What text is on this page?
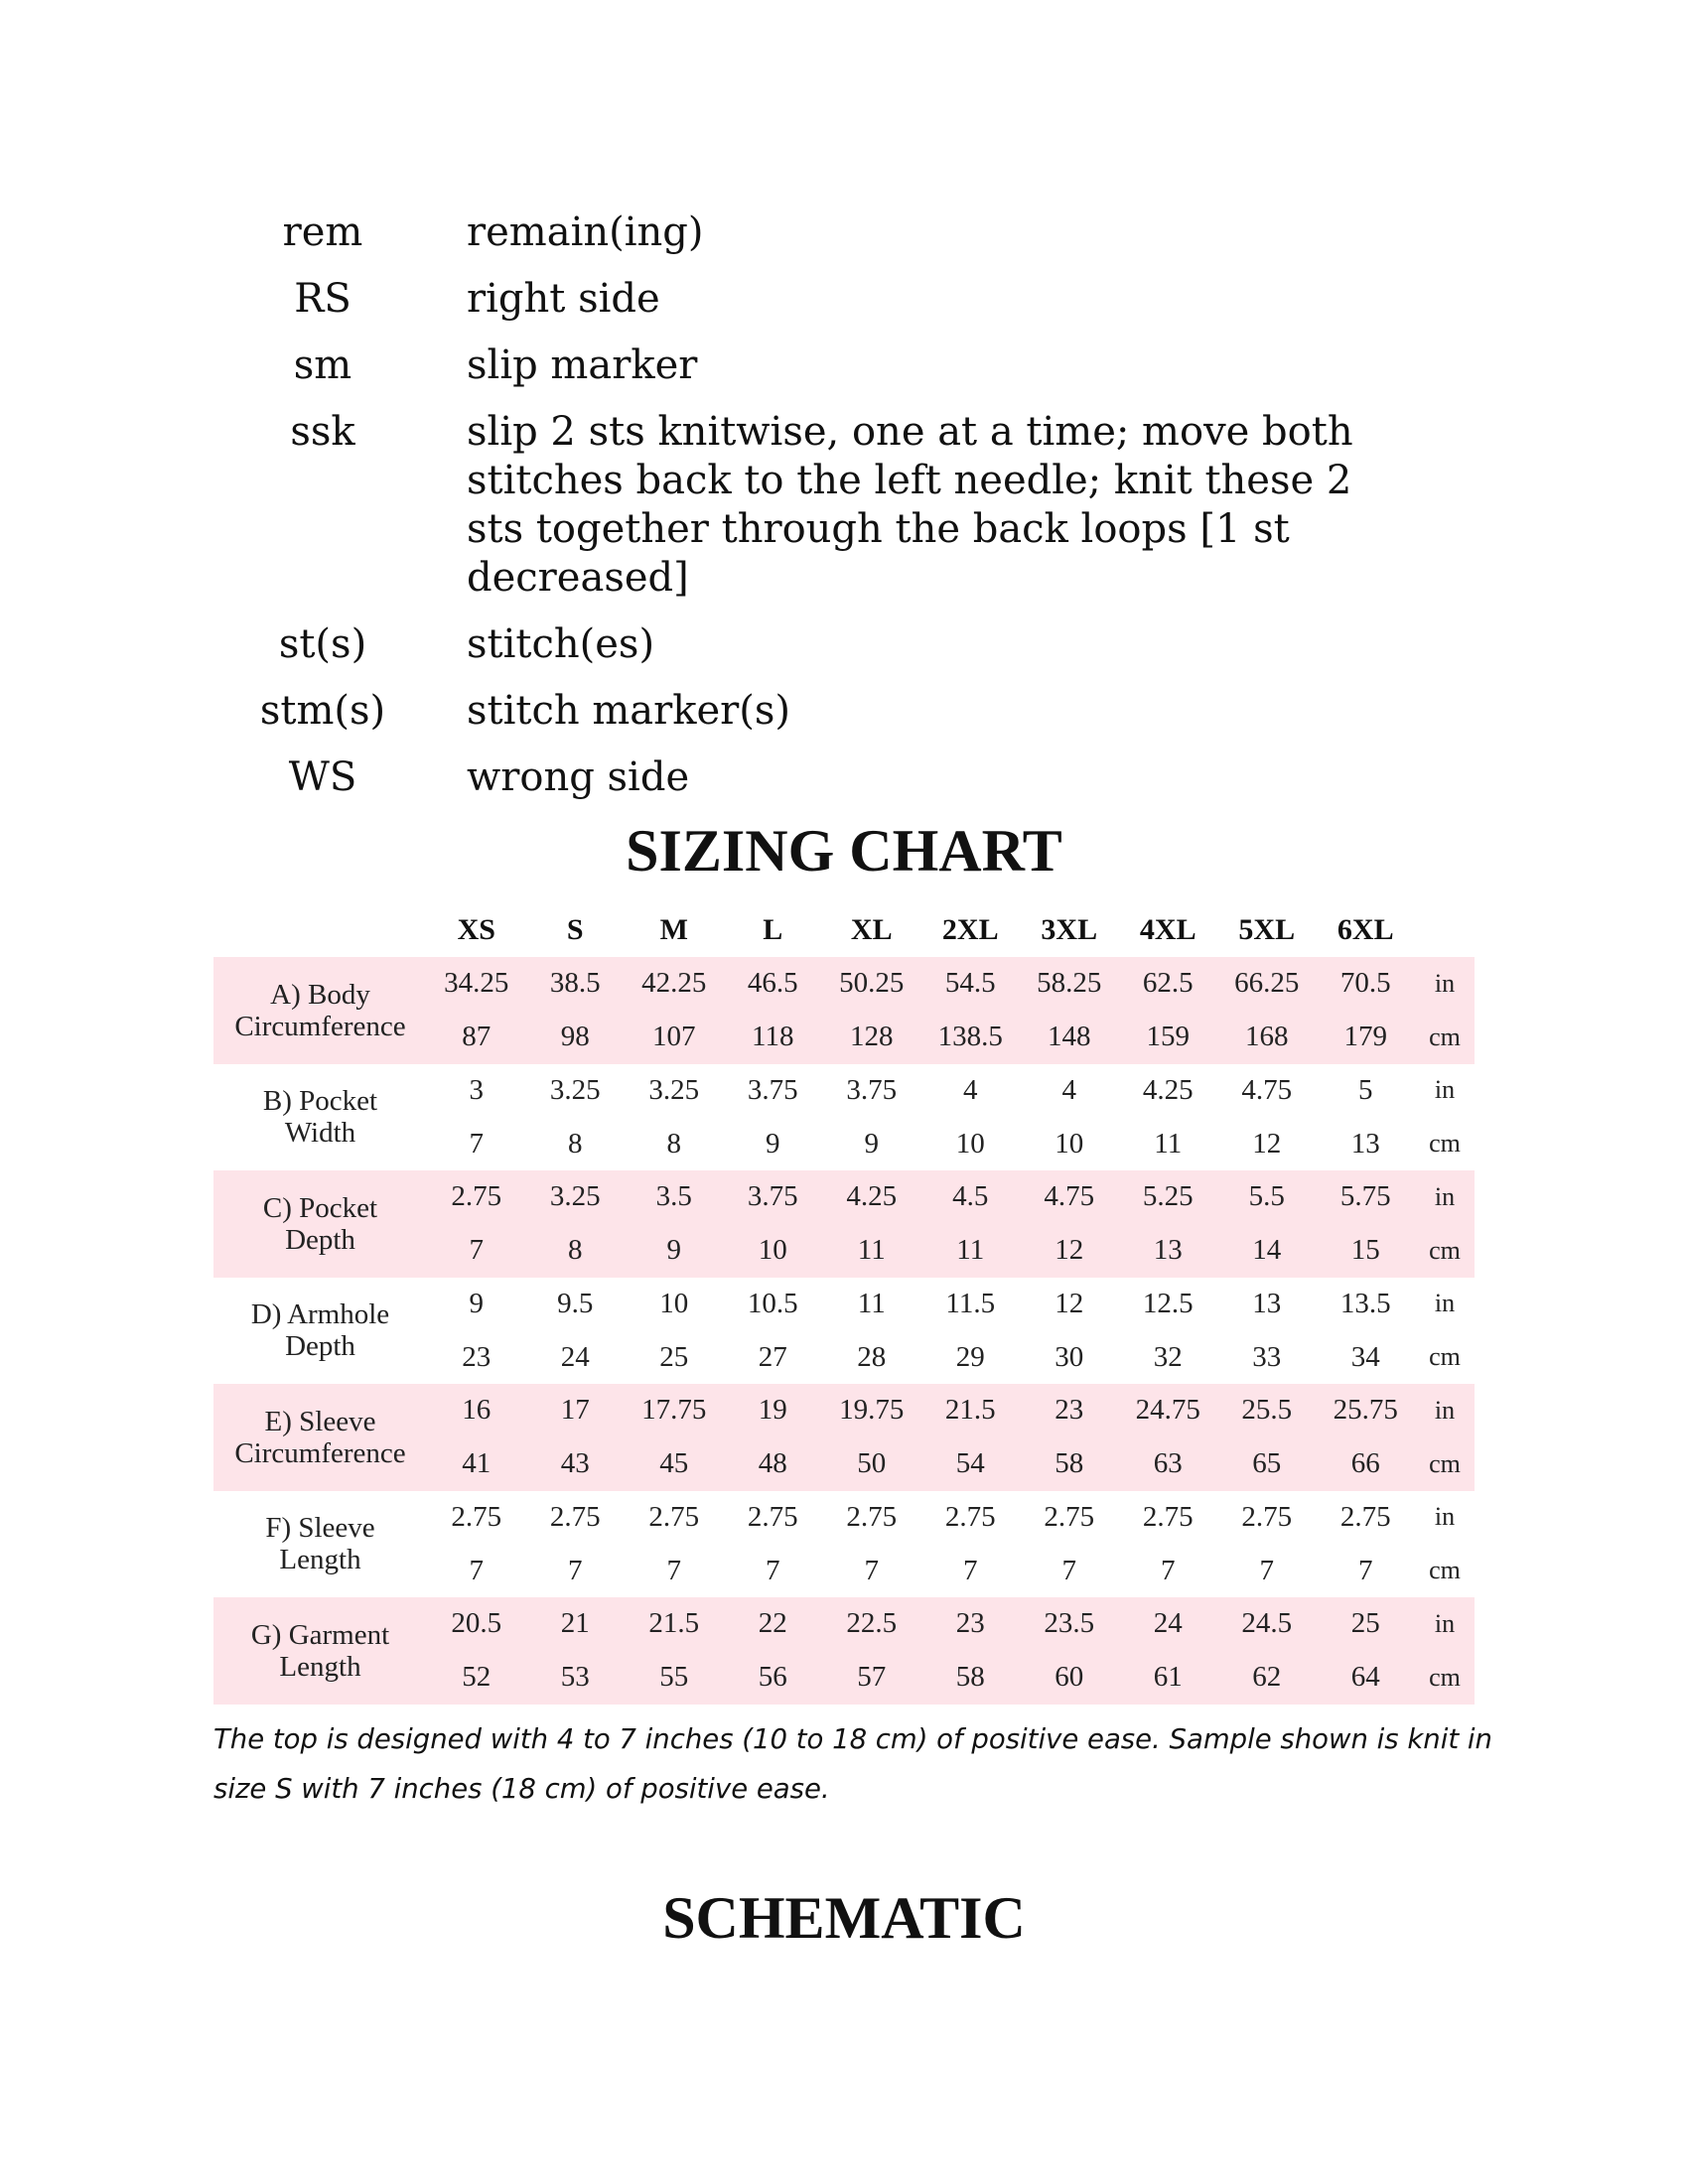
rem	remain(ing)
RS	right side
sm	slip marker
ssk	slip 2 sts knitwise, one at a time; move both stitches back to the left needle; knit these 2 sts together through the back loops [1 st decreased]
st(s)	stitch(es)
stm(s)	stitch marker(s)
WS	wrong side
SIZING CHART
XS	S	M	L	XL	2XL	3XL	4XL	5XL	6XL
A) Body
Circumference
34.25	38.5	42.25	46.5	50.25	54.5	58.25	62.5	66.25	70.5	in
87	98	107	118	128	138.5	148	159	168	179	cm
B) Pocket
Width
3	3.25	3.25	3.75	3.75	4	4	4.25	4.75	5	in
7	8	8	9	9	10	10	11	12	13	cm
C) Pocket
Depth
2.75	3.25	3.5	3.75	4.25	4.5	4.75	5.25	5.5	5.75	in
7	8	9	10	11	11	12	13	14	15	cm
D) Armhole
Depth
9	9.5	10	10.5	11	11.5	12	12.5	13	13.5	in
23	24	25	27	28	29	30	32	33	34	cm
E) Sleeve
Circumference
16	17	17.75	19	19.75	21.5	23	24.75	25.5	25.75	in
41	43	45	48	50	54	58	63	65	66	cm
F) Sleeve
Length
2.75	2.75	2.75	2.75	2.75	2.75	2.75	2.75	2.75	2.75	in
7	7	7	7	7	7	7	7	7	7	cm
G) Garment
Length
20.5	21	21.5	22	22.5	23	23.5	24	24.5	25	in
52	53	55	56	57	58	60	61	62	64	cm
The top is designed with 4 to 7 inches (10 to 18 cm) of positive ease. Sample shown is knit in size S with 7 inches (18 cm) of positive ease.
SCHEMATIC
